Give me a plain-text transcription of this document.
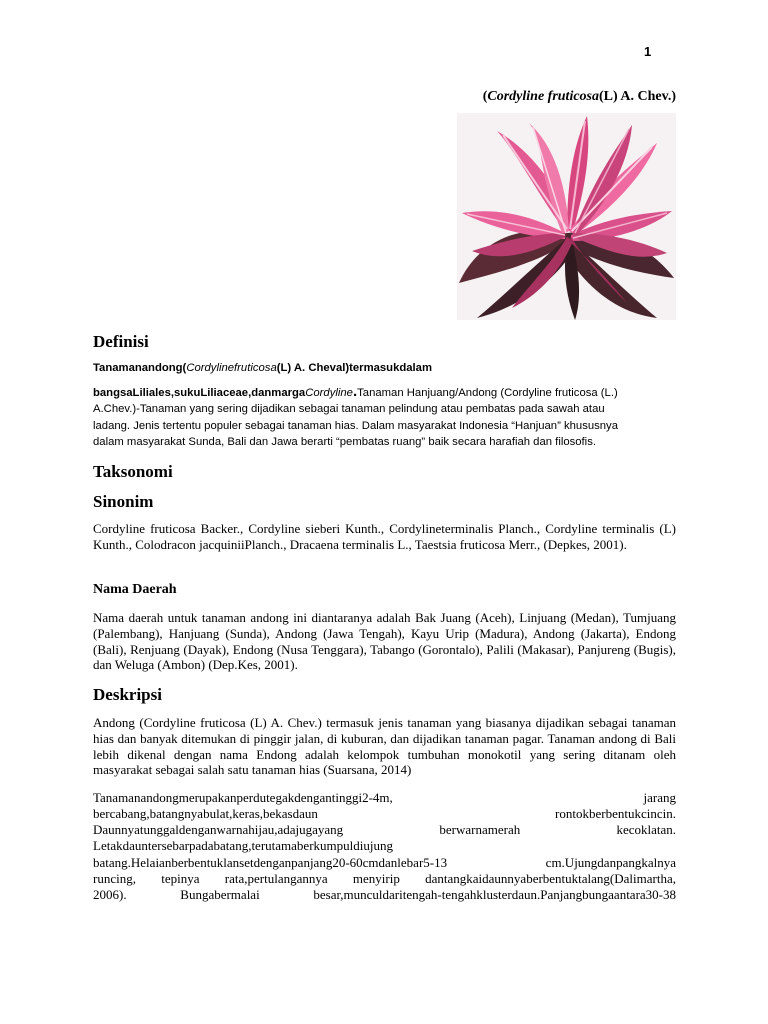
1
(Cordyline fruticosa(L) A. Chev.)
Definisi
Tanamanandong(Cordylinefruticosa(L) A. Cheval)termasukdalam
bangsaLiliales,sukuLiliaceae,danmargaCordyline.Tanaman Hanjuang/Andong (Cordyline fruticosa (L.)
A.Chev.)-Tanaman yang sering dijadikan sebagai tanaman pelindung atau pembatas pada sawah atau
ladang. Jenis tertentu populer sebagai tanaman hias. Dalam masyarakat Indonesia “Hanjuan” khususnya
dalam masyarakat Sunda, Bali dan Jawa berarti “pembatas ruang” baik secara harafiah dan filosofis.
Taksonomi
Sinonim
Cordyline fruticosa Backer., Cordyline sieberi Kunth., Cordylineterminalis Planch., Cordyline terminalis (L) Kunth., Colodracon jacquiniiPlanch., Dracaena terminalis L., Taestsia fruticosa Merr., (Depkes, 2001).
Nama Daerah
Nama daerah untuk tanaman andong ini diantaranya adalah Bak Juang (Aceh), Linjuang (Medan), Tumjuang (Palembang), Hanjuang (Sunda), Andong (Jawa Tengah), Kayu Urip (Madura), Andong (Jakarta), Endong (Bali), Renjuang (Dayak), Endong (Nusa Tenggara), Tabango (Gorontalo), Palili (Makasar), Panjureng (Bugis), dan Weluga (Ambon) (Dep.Kes, 2001).
Deskripsi
Andong (Cordyline fruticosa (L) A. Chev.) termasuk jenis tanaman yang biasanya dijadikan sebagai tanaman hias dan banyak ditemukan di pinggir jalan, di kuburan, dan dijadikan tanaman pagar. Tanaman andong di Bali lebih dikenal dengan nama Endong adalah kelompok tumbuhan monokotil yang sering ditanam oleh masyarakat sebagai salah satu tanaman hias (Suarsana, 2014)
Tanamanandongmerupakanperdutegakdengantinggi2-4m, jarang
bercabang,batangnyabulat,keras,bekasdaun rontokberbentukcincin.
Daunnyatunggaldenganwarnahijau,adajugayang berwarnamerah kecoklatan.
Letakdauntersebarpadabatang,terutamaberkumpuldiujung
batang.Helaianberbentuklansetdenganpanjang20-60cmdanlebar5-13 cm.Ujungdanpangkalnya
runcing, tepinya rata,pertulangannya menyirip dantangkaidaunnyaberbentuktalang(Dalimartha,
2006). Bungabermalai besar,munculdaritengah-tengahklusterdaun.Panjangbungaantara30-38
